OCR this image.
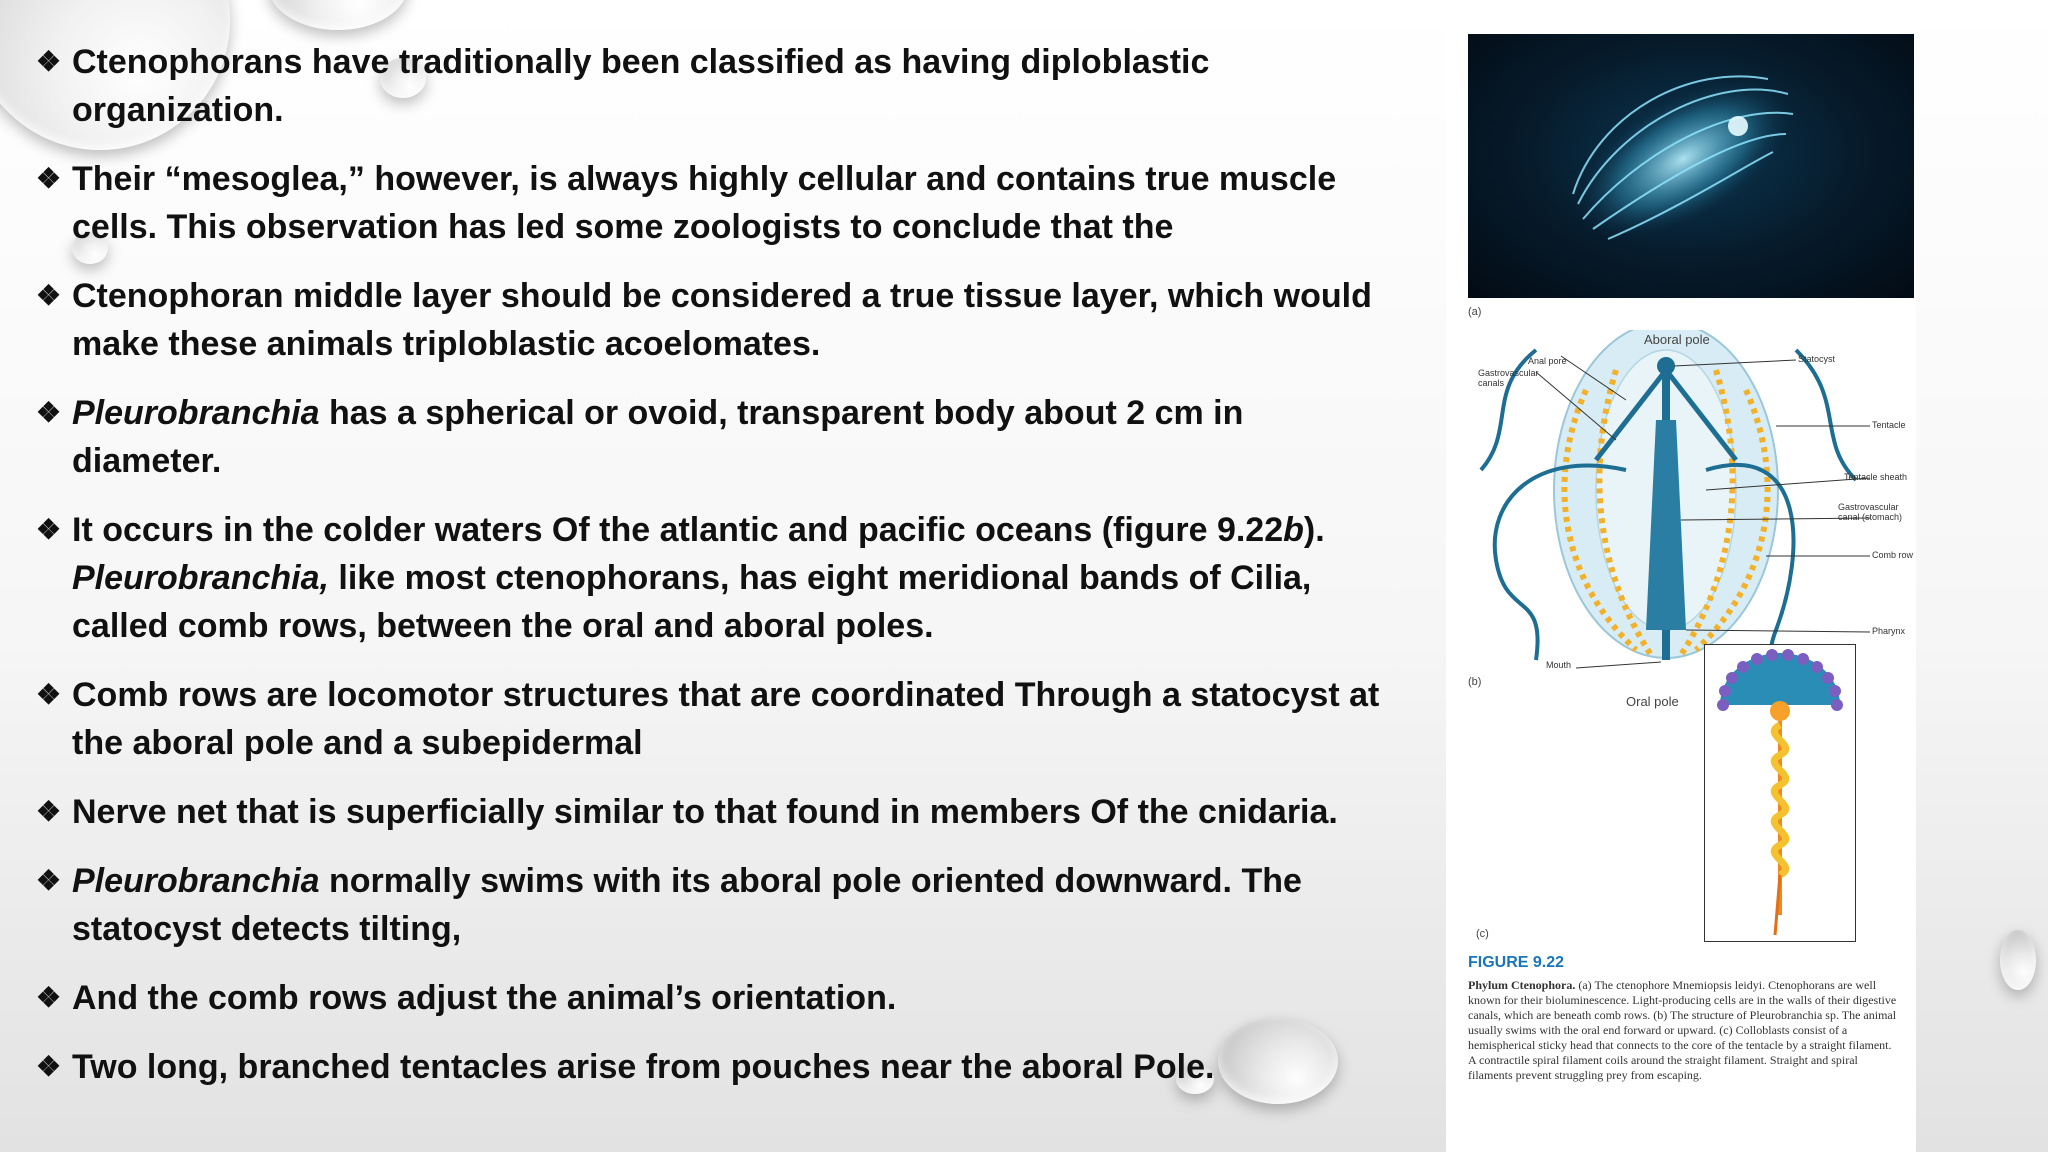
(a)
Aboral pole
Anal pore
Gastrovascular canals
Statocyst
Tentacle
Tentacle sheath
Gastrovascular canal (stomach)
Comb row
Pharynx
Mouth
Oral pole
(b)
(c)
FIGURE 9.22
Phylum Ctenophora. (a) The ctenophore Mnemiopsis leidyi. Ctenophorans are well known for their bioluminescence. Light-producing cells are in the walls of their digestive canals, which are beneath comb rows. (b) The structure of Pleurobranchia sp. The animal usually swims with the oral end forward or upward. (c) Colloblasts consist of a hemispherical sticky head that connects to the core of the tentacle by a straight filament. A contractile spiral filament coils around the straight filament. Straight and spiral filaments prevent struggling prey from escaping.
❖ Ctenophorans have traditionally been classified as having diploblastic
organization.
❖ Their “mesoglea,” however, is always highly cellular and contains true muscle
cells. This observation has led some zoologists to conclude that the
❖ Ctenophoran middle layer should be considered a true tissue layer, which would
make these animals triploblastic acoelomates.
❖ Pleurobranchia has a spherical or ovoid, transparent body about 2 cm in
diameter.
❖ It occurs in the colder waters Of the atlantic and pacific oceans (figure 9.22b).
Pleurobranchia, like most ctenophorans, has eight meridional bands of Cilia,
called comb rows, between the oral and aboral poles.
❖ Comb rows are locomotor structures that are coordinated Through a statocyst at
the aboral pole and a subepidermal
❖ Nerve net that is superficially similar to that found in members Of the cnidaria.
❖ Pleurobranchia normally swims with its aboral pole oriented downward. The
statocyst detects tilting,
❖ And the comb rows adjust the animal’s orientation.
❖ Two long, branched tentacles arise from pouches near the aboral Pole.
